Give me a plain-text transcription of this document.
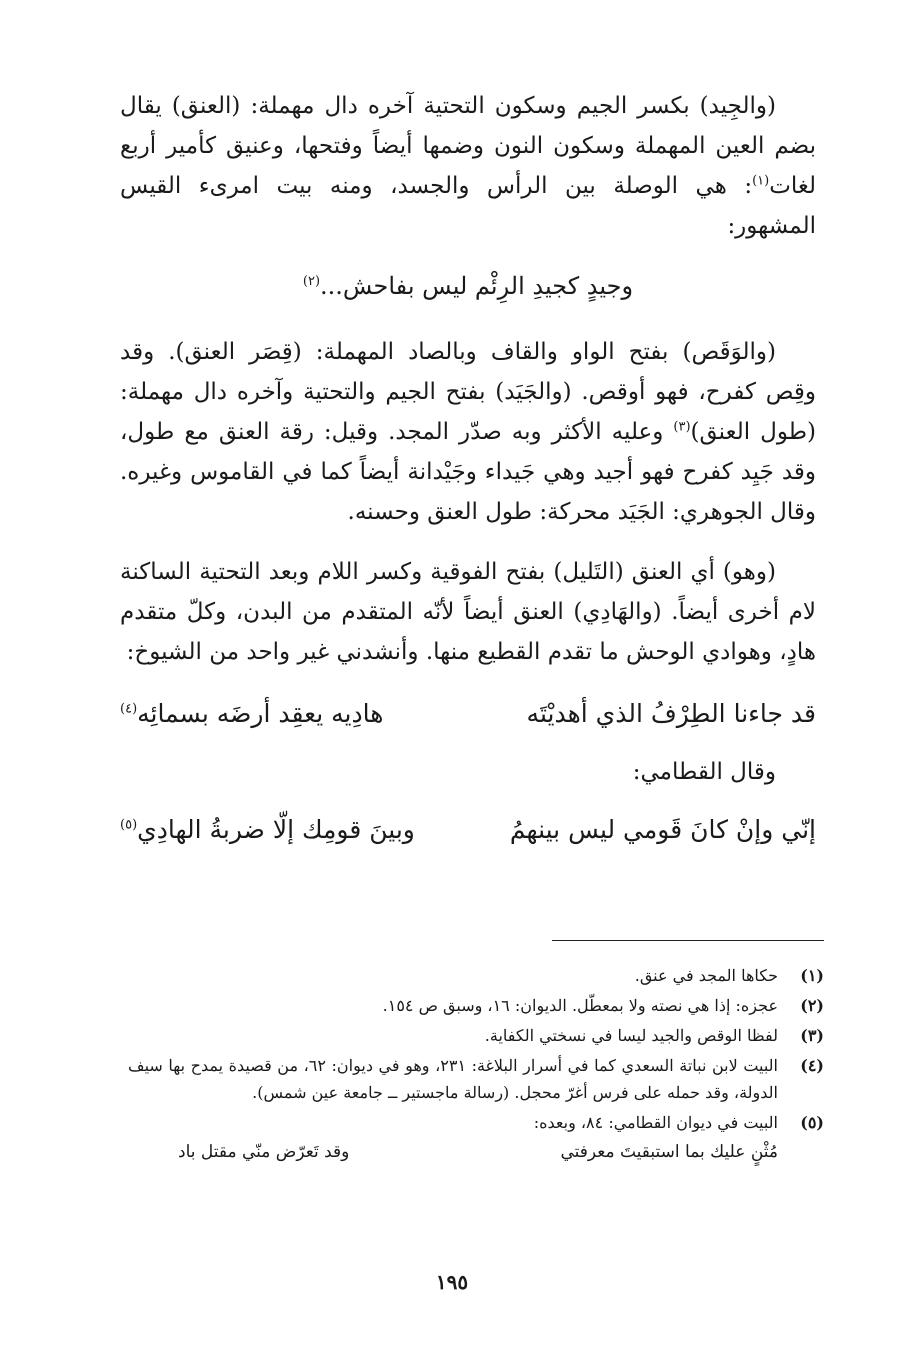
(والجِيد) بكسر الجيم وسكون التحتية آخره دال مهملة: (العنق) يقال بضم العين المهملة وسكون النون وضمها أيضاً وفتحها، وعنيق كأمير أربع لغات$^{(١)}$: هي الوصلة بين الرأس والجسد، ومنه بيت امرىء القيس المشهور:

وجيدٍ كجيدِ الرِئْم ليس بفاحش...$^{(٢)}$

(والوَقَص) بفتح الواو والقاف وبالصاد المهملة: (قِصَر العنق). وقد وقِص كفرح، فهو أوقص. (والجَيَد) بفتح الجيم والتحتية وآخره دال مهملة: (طول العنق)$^{(٣)}$ وعليه الأكثر وبه صدّر المجد. وقيل: رقة العنق مع طول، وقد جَيِد كفرح فهو أجيد وهي جَيداء وجَيْدانة أيضاً كما في القاموس وغيره. وقال الجوهري: الجَيَد محركة: طول العنق وحسنه.

(وهو) أي العنق (التَليل) بفتح الفوقية وكسر اللام وبعد التحتية الساكنة لام أخرى أيضاً. (والهَادِي) العنق أيضاً لأنّه المتقدم من البدن، وكلّ متقدم هادٍ، وهوادي الوحش ما تقدم القطيع منها. وأنشدني غير واحد من الشيوخ:

قد جاءنا الطِرْفُ الذي أهديْتَه
هادِيه يعقِد أرضَه بسمائِه$^{(٤)}$

وقال القطامي:

إنّي وإنْ كانَ قَومي ليس بينهمُ
وبينَ قومِك إلّا ضربةُ الهادِي$^{(٥)}$
(١)
حكاها المجد في عنق.
(٢)
عجزه: إذا هي نصته ولا بمعطّل. الديوان: ١٦، وسبق ص ١٥٤.
(٣)
لفظا الوقص والجيد ليسا في نسختي الكفاية.
(٤)
البيت لابن نباتة السعدي كما في أسرار البلاغة: ٢٣١، وهو في ديوان: ٦٢، من قصيدة يمدح بها سيف الدولة، وقد حمله على فرس أغرّ محجل. (رسالة ماجستير ــ جامعة عين شمس).
(٥)
البيت في ديوان القطامي: ٨٤، وبعده:
مُثْنٍ عليك بما استبقيتَ معرفتي
وقد تَعرّض منّي مقتل باد
١٩٥
